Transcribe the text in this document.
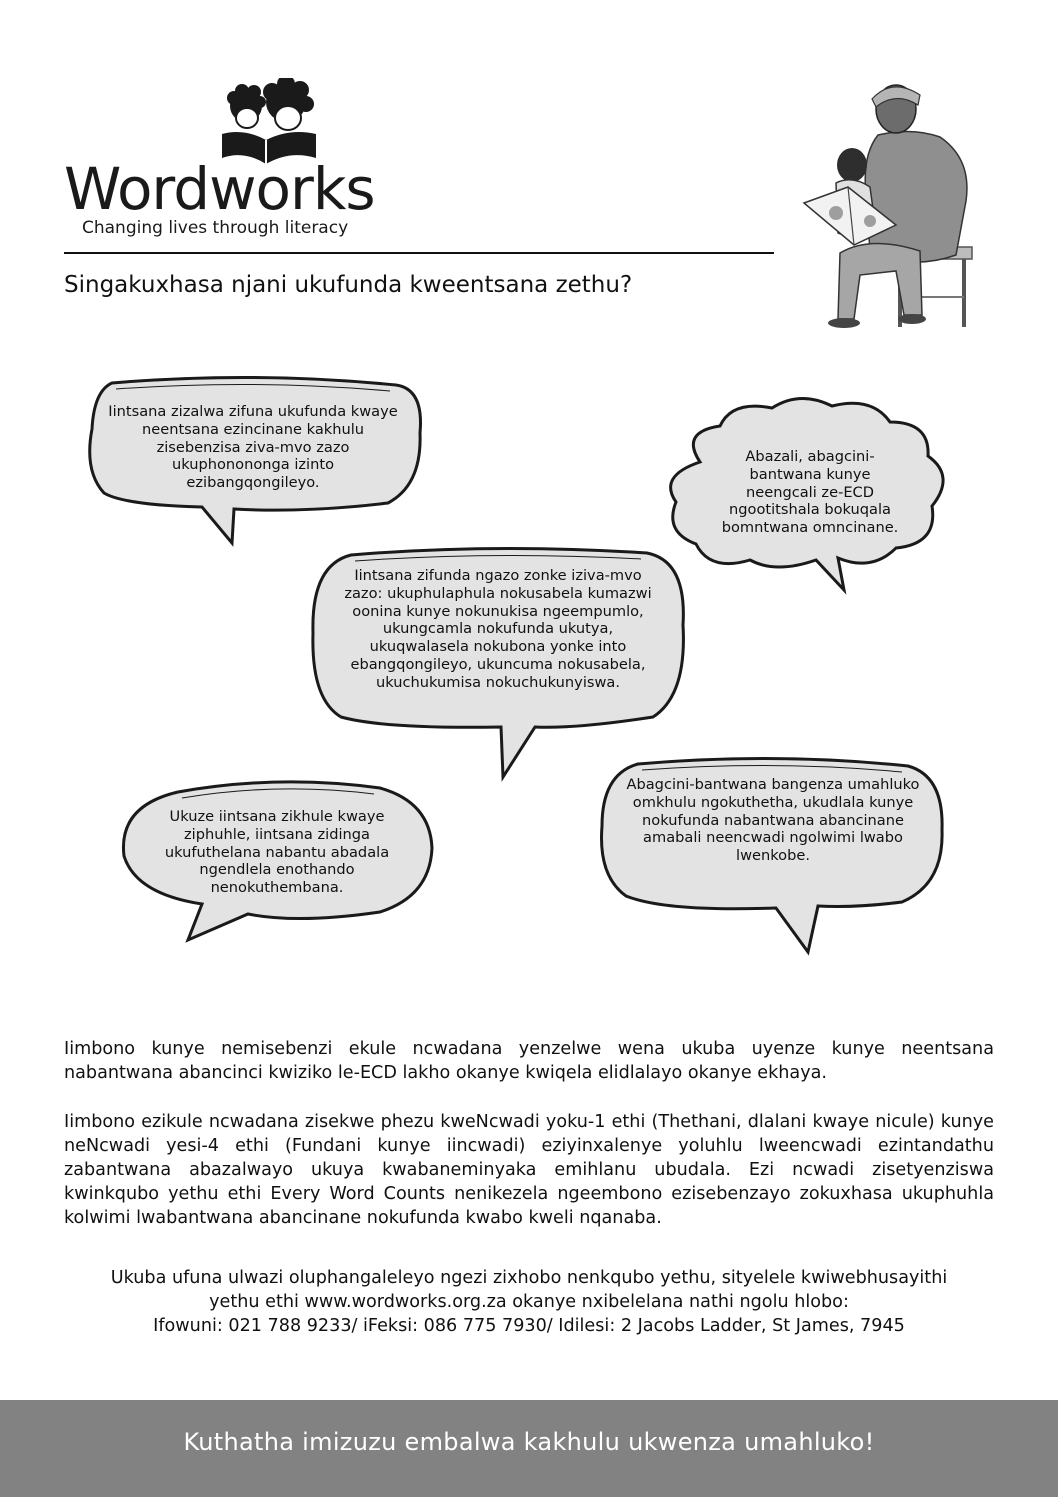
Wordworks
Changing lives through literacy
Singakuxhasa njani ukufunda kweentsana zethu?
Iintsana zizalwa zifuna ukufunda kwaye neentsana ezincinane kakhulu zisebenzisa ziva-mvo zazo ukuphonononga izinto ezibangqongileyo.
Abazali, abagcini-bantwana kunye neengcali ze-ECD ngootitshala bokuqala bomntwana omncinane.
Iintsana zifunda ngazo zonke iziva-mvo zazo: ukuphulaphula nokusabela kumazwi oonina kunye nokunukisa ngeempumlo, ukungcamla nokufunda ukutya, ukuqwalasela nokubona yonke into ebangqongileyo, ukuncuma nokusabela, ukuchukumisa nokuchukunyiswa.
Ukuze iintsana zikhule kwaye ziphuhle, iintsana zidinga ukufuthelana nabantu abadala ngendlela enothando nenokuthembana.
Abagcini-bantwana bangenza umahluko omkhulu ngokuthetha, ukudlala kunye nokufunda nabantwana abancinane amabali neencwadi ngolwimi lwabo lwenkobe.

Iimbono kunye nemisebenzi ekule ncwadana yenzelwe wena ukuba uyenze kunye neentsana nabantwana abancinci kwiziko le-ECD lakho okanye kwiqela elidlalayo okanye ekhaya.

Iimbono ezikule ncwadana zisekwe phezu kweNcwadi yoku-1 ethi (Thethani, dlalani kwaye nicule) kunye neNcwadi yesi-4 ethi (Fundani kunye iincwadi) eziyinxalenye yoluhlu lweencwadi ezintandathu zabantwana abazalwayo ukuya kwabaneminyaka emihlanu ubudala. Ezi ncwadi zisetyenziswa kwinkqubo yethu ethi Every Word Counts nenikezela ngeembono ezisebenzayo zokuxhasa ukuphuhla kolwimi lwabantwana abancinane nokufunda kwabo kweli nqanaba.

Ukuba ufuna ulwazi oluphangaleleyo ngezi zixhobo nenkqubo yethu, sityelele kwiwebhusayithi
yethu ethi www.wordworks.org.za okanye nxibelelana nathi ngolu hlobo:
Ifowuni: 021 788 9233/ iFeksi: 086 775 7930/ Idilesi: 2 Jacobs Ladder, St James, 7945
Kuthatha imizuzu embalwa kakhulu ukwenza umahluko!
